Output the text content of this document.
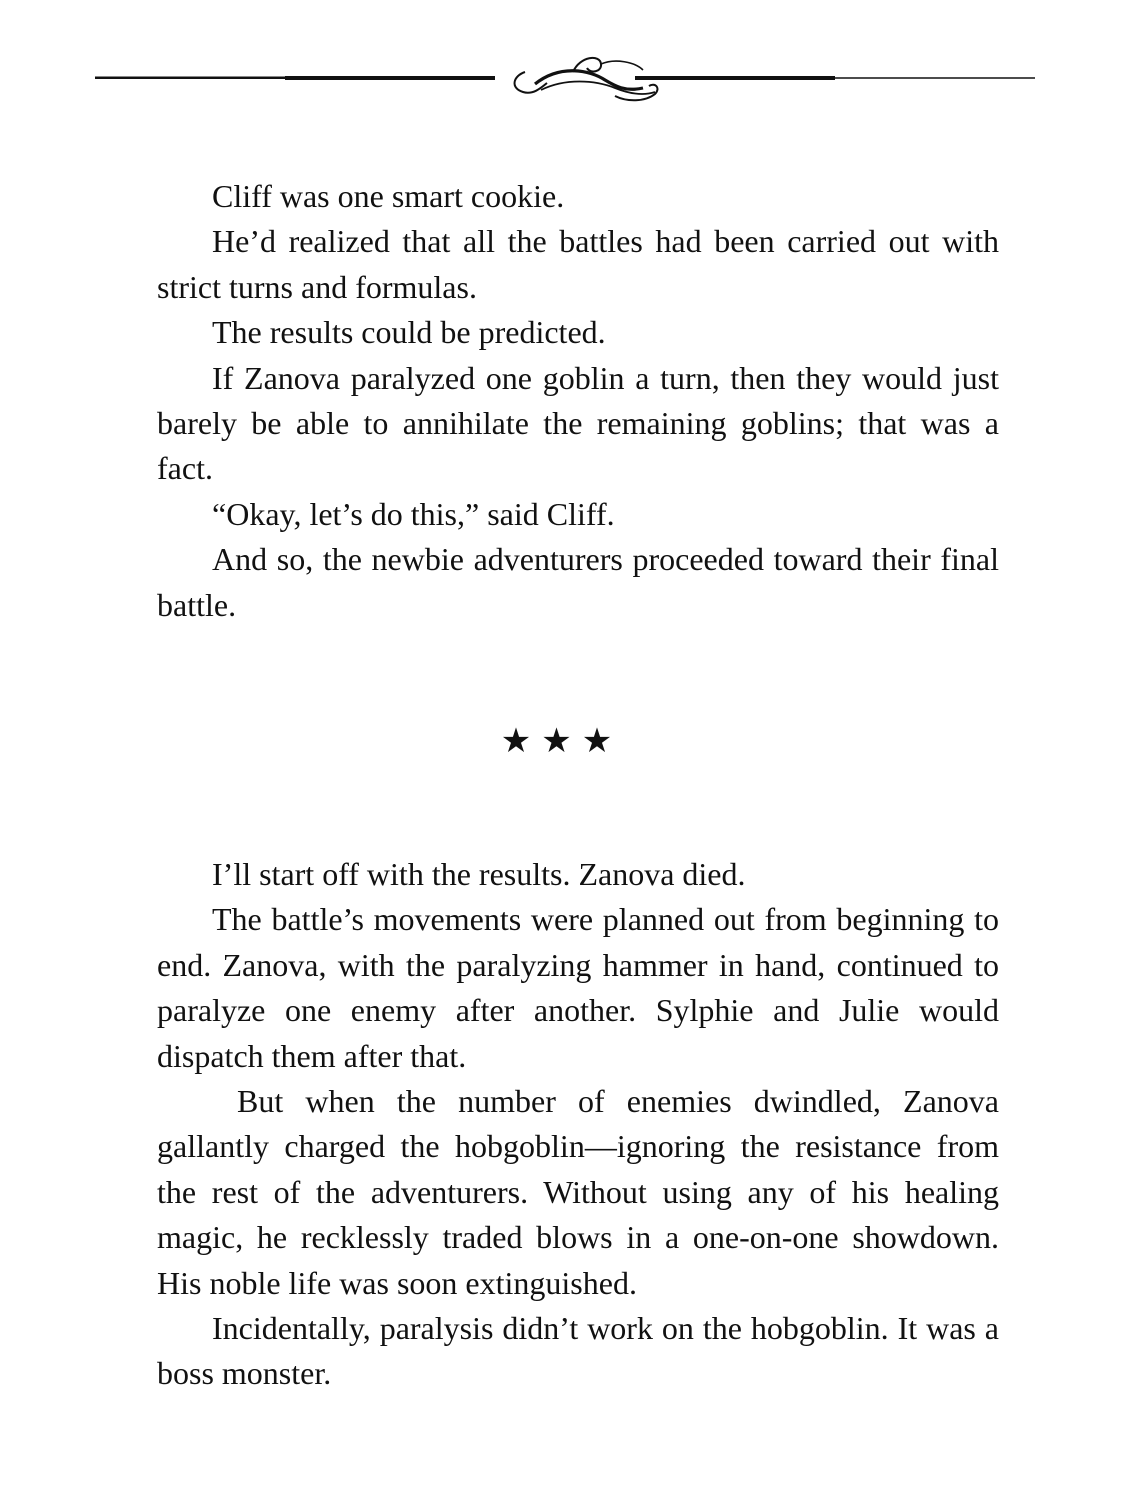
Cliff was one smart cookie.

He’d realized that all the battles had been carried out with strict turns and formulas.

The results could be predicted.

If Zanova paralyzed one goblin a turn, then they would just barely be able to annihilate the remaining goblins; that was a fact.

“Okay, let’s do this,” said Cliff.

And so, the newbie adventurers proceeded toward their final battle.

★★★

I’ll start off with the results. Zanova died.

The battle’s movements were planned out from beginning to end. Zanova, with the paralyzing hammer in hand, continued to paralyze one enemy after another. Sylphie and Julie would dispatch them after that.

But when the number of enemies dwindled, Zanova gallantly charged the hobgoblin—ignoring the resistance from the rest of the adventurers. Without using any of his healing magic, he recklessly traded blows in a one-on-one showdown. His noble life was soon extinguished.

Incidentally, paralysis didn’t work on the hobgoblin. It was a boss monster.
